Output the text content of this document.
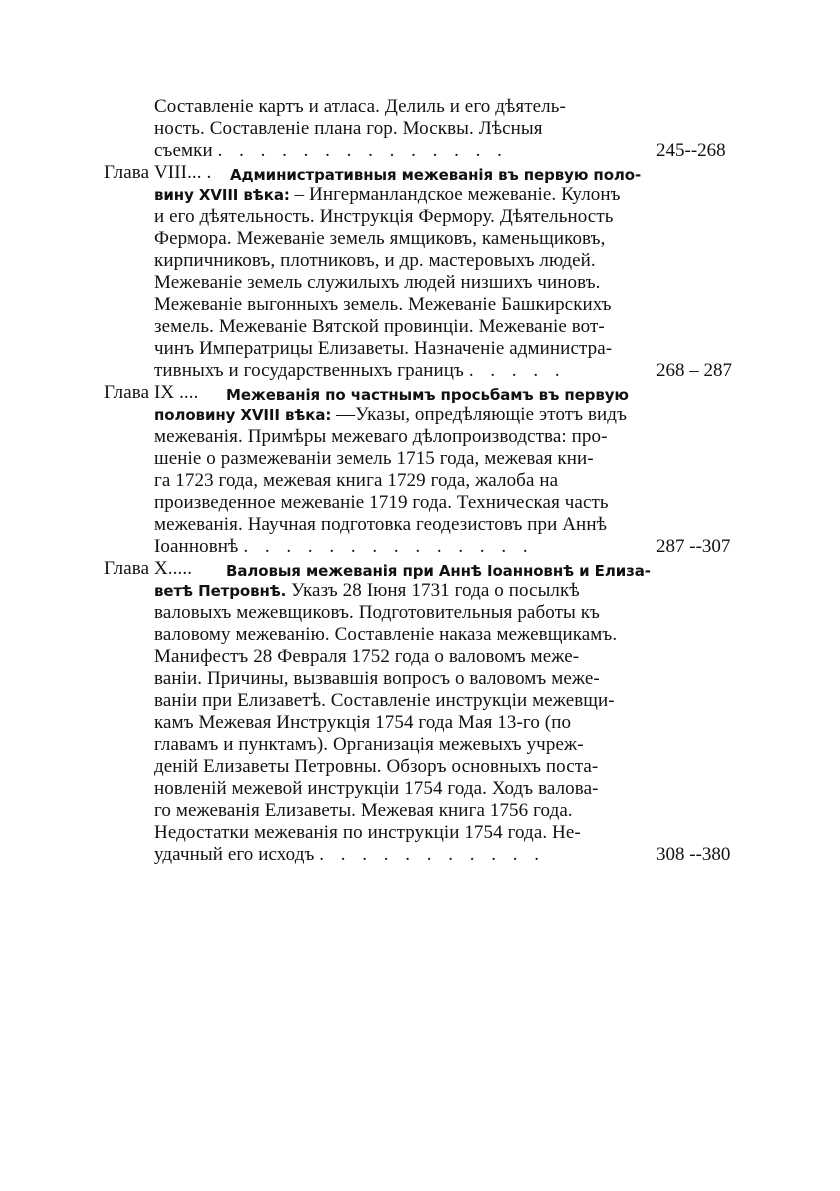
Составленіе картъ и атласа. Делиль и его дѣятель-
ность. Составленіе плана гор. Москвы. Лѣсныя
съемки . . . . . . . . . . . . . .	245--268
Глава VIII... . Административныя межеванія въ первую поло-
вину XVIII вѣка: – Ингерманландское межеваніе. Кулонъ
и его дѣятельность. Инструкція Фермору. Дѣятельность
Фермора. Межеваніе земель ямщиковъ, каменьщиковъ,
кирпичниковъ, плотниковъ, и др. мастеровыхъ людей.
Межеваніе земель служилыхъ людей низшихъ чиновъ.
Межеваніе выгонныхъ земель. Межеваніе Башкирскихъ
земель. Межеваніе Вятской провинціи. Межеваніе вот-
чинъ Императрицы Елизаветы. Назначеніе администра-
тивныхъ и государственныхъ границъ . . . . .	268 – 287
Глава IX .... Межеванія по частнымъ просьбамъ въ первую
половину XVIII вѣка: —Указы, опредѣляющіе этотъ видъ
межеванія. Примѣры межеваго дѣлопроизводства: про-
шеніе о размежеваніи земель 1715 года, межевая кни-
га 1723 года, межевая книга 1729 года, жалоба на
произведенное межеваніе 1719 года. Техническая часть
межеванія. Научная подготовка геодезистовъ при Аннѣ
Іоанновнѣ . . . . . . . . . . . . . .	287 --307
Глава X..... Валовыя межеванія при Аннѣ Іоанновнѣ и Елиза-
ветѣ Петровнѣ. Указъ 28 Іюня 1731 года о посылкѣ
валовыхъ межевщиковъ. Подготовительныя работы къ
валовому межеванію. Составленіе наказа межевщикамъ.
Манифестъ 28 Февраля 1752 года о валовомъ меже-
ваніи. Причины, вызвавшія вопросъ о валовомъ меже-
ваніи при Елизаветѣ. Составленіе инструкціи межевщи-
камъ Межевая Инструкція 1754 года Мая 13-го (по
главамъ и пунктамъ). Организація межевыхъ учреж-
деній Елизаветы Петровны. Обзоръ основныхъ поста-
новленій межевой инструкціи 1754 года. Ходъ валова-
го межеванія Елизаветы. Межевая книга 1756 года.
Недостатки межеванія по инструкціи 1754 года. Не-
удачный его исходъ . . . . . . . . . . .	308 --380
